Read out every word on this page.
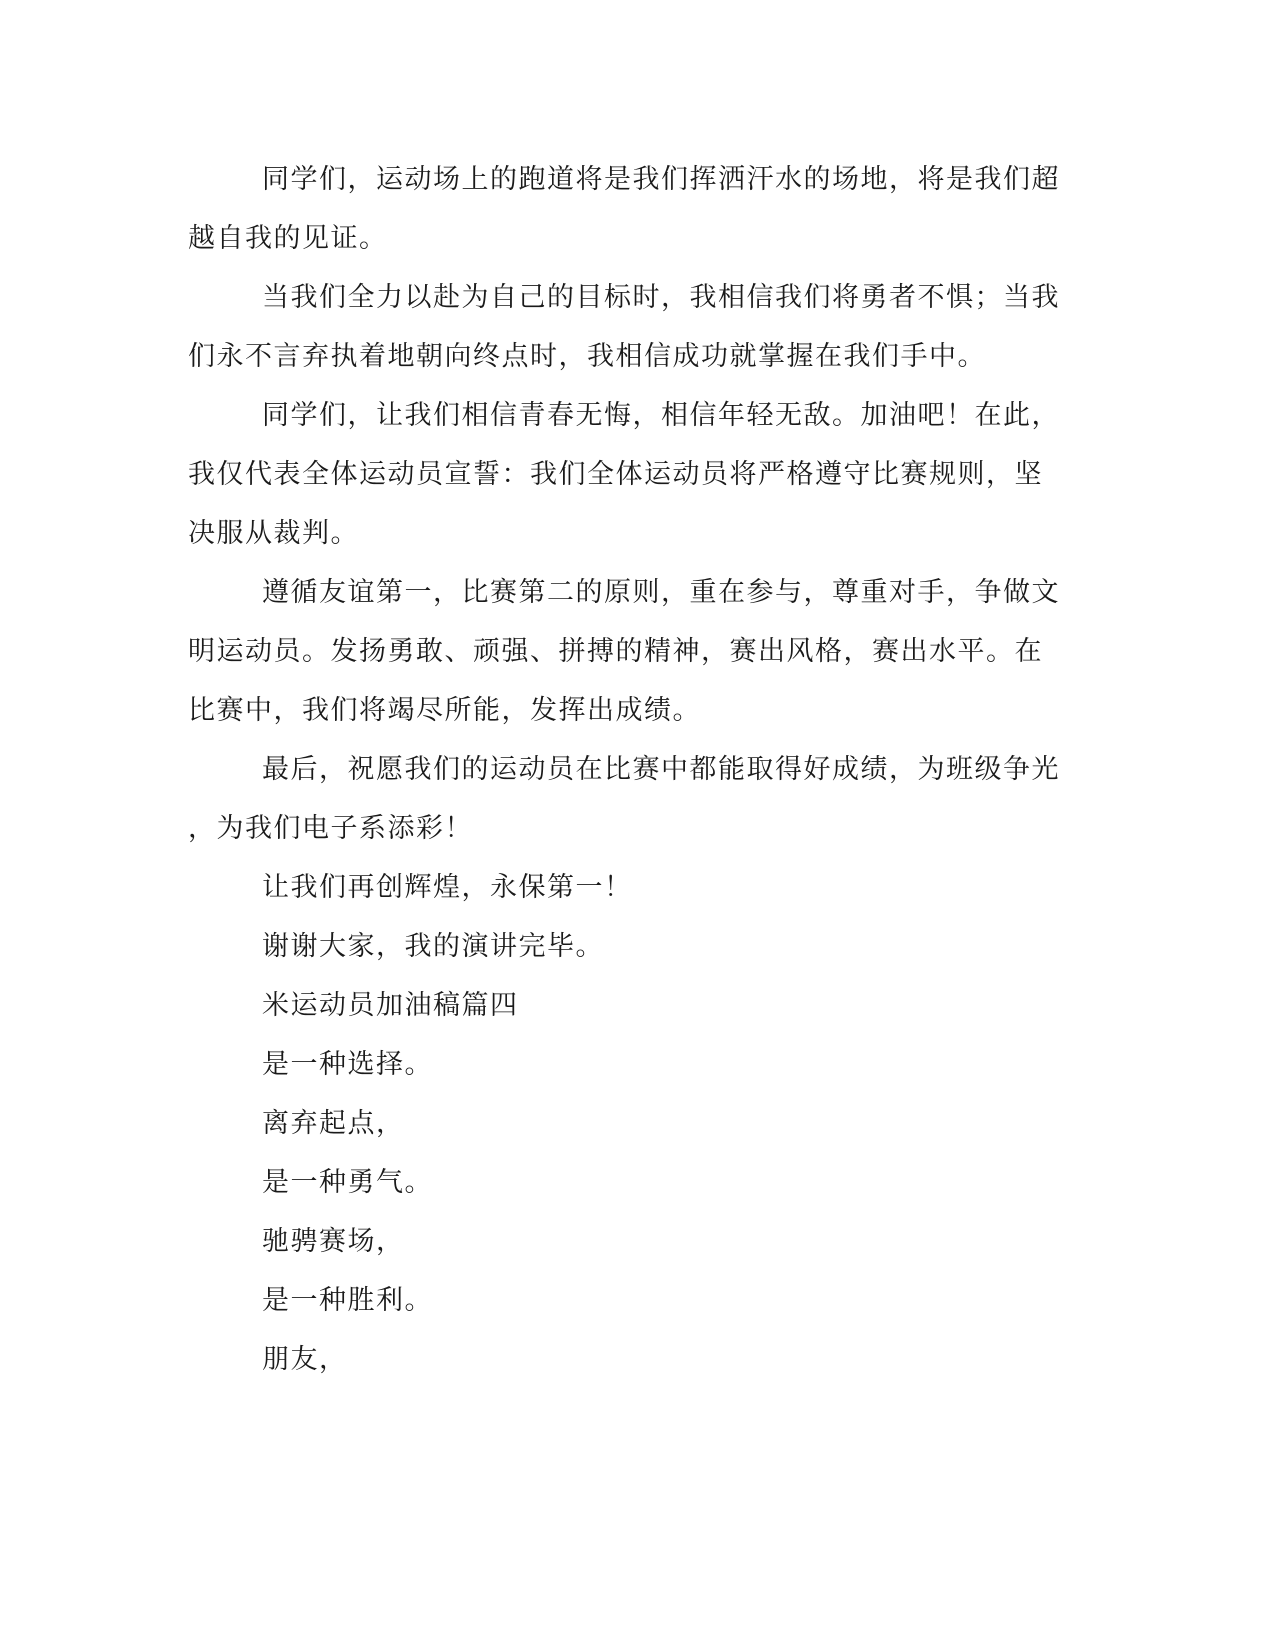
同学们，运动场上的跑道将是我们挥洒汗水的场地，将是我们超
越自我的见证。
当我们全力以赴为自己的目标时，我相信我们将勇者不惧；当我
们永不言弃执着地朝向终点时，我相信成功就掌握在我们手中。
同学们，让我们相信青春无悔，相信年轻无敌。加油吧！在此，
我仅代表全体运动员宣誓：我们全体运动员将严格遵守比赛规则，坚
决服从裁判。
遵循友谊第一，比赛第二的原则，重在参与，尊重对手，争做文
明运动员。发扬勇敢、顽强、拼搏的精神，赛出风格，赛出水平。在
比赛中，我们将竭尽所能，发挥出成绩。
最后，祝愿我们的运动员在比赛中都能取得好成绩，为班级争光
，为我们电子系添彩！
让我们再创辉煌，永保第一！
谢谢大家，我的演讲完毕。
米运动员加油稿篇四
是一种选择。
离弃起点，
是一种勇气。
驰骋赛场，
是一种胜利。
朋友，
